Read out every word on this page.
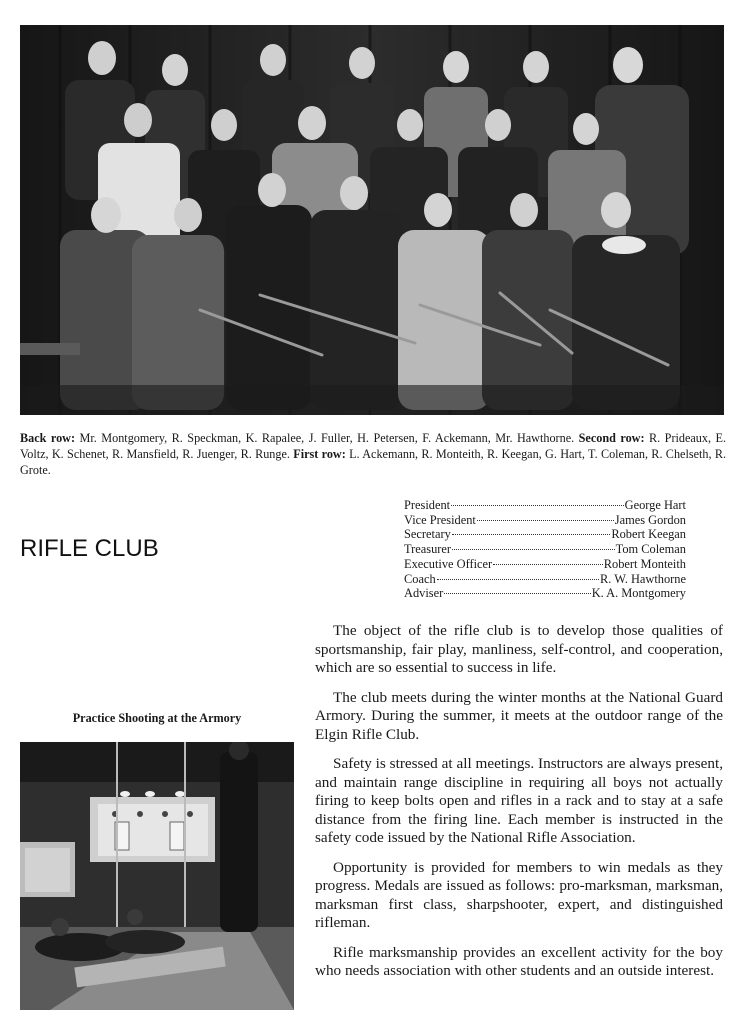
Back row: Mr. Montgomery, R. Speckman, K. Rapalee, J. Fuller, H. Petersen, F. Ackemann, Mr. Hawthorne. Second row: R. Prideaux, E. Voltz, K. Schenet, R. Mansfield, R. Juenger, R. Runge. First row: L. Ackemann, R. Monteith, R. Keegan, G. Hart, T. Coleman, R. Chelseth, R. Grote.
RIFLE CLUB
President	George Hart
Vice President	James Gordon
Secretary	Robert Keegan
Treasurer	Tom Coleman
Executive Officer	Robert Monteith
Coach	R. W. Hawthorne
Adviser	K. A. Montgomery

The object of the rifle club is to develop those qualities of sportsmanship, fair play, manliness, self-control, and cooperation, which are so essential to success in life.

The club meets during the winter months at the National Guard Armory. During the summer, it meets at the outdoor range of the Elgin Rifle Club.

Safety is stressed at all meetings. Instructors are always present, and maintain range discipline in requiring all boys not actually firing to keep bolts open and rifles in a rack and to stay at a safe distance from the firing line. Each member is instructed in the safety code issued by the National Rifle Association.

Opportunity is provided for members to win medals as they progress. Medals are issued as follows: pro-marksman, marksman, marksman first class, sharpshooter, expert, and distinguished rifleman.

Rifle marksmanship provides an excellent activity for the boy who needs association with other students and an outside interest.

Practice Shooting at the Armory
